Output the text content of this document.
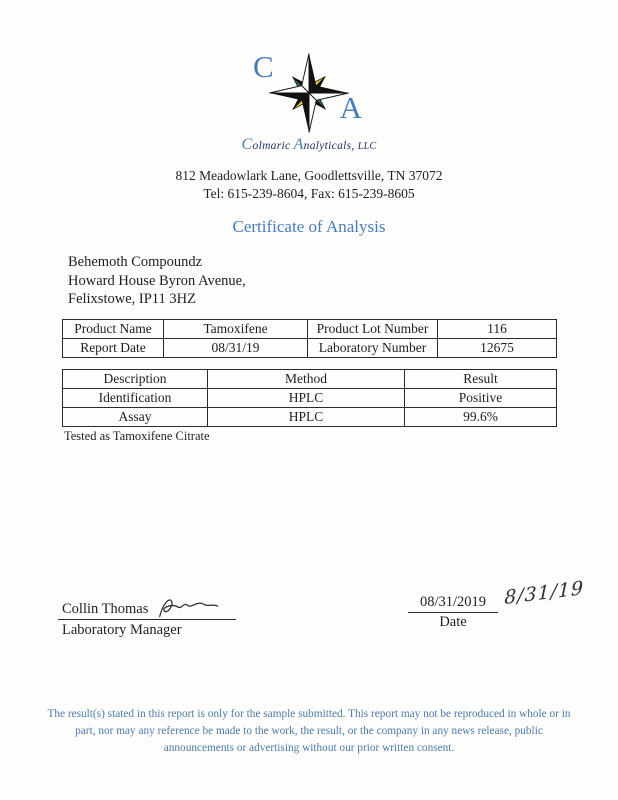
C
A
Colmaric Analyticals, LLC
812 Meadowlark Lane, Goodlettsville, TN 37072
Tel: 615-239-8604, Fax: 615-239-8605
Certificate of Analysis
Behemoth Compoundz
Howard House Byron Avenue,
Felixstowe, IP11 3HZ
Product Name	Tamoxifene	Product Lot Number	116
Report Date	08/31/19	Laboratory Number	12675
Description	Method	Result
Identification	HPLC	Positive
Assay	HPLC	99.6%
Tested as Tamoxifene Citrate
Collin Thomas
Laboratory Manager
08/31/2019
Date
8/31/19
The result(s) stated in this report is only for the sample submitted. This report may not be reproduced in whole or in
part, nor may any reference be made to the work, the result, or the company in any news release, public
announcements or advertising without our prior written consent.
